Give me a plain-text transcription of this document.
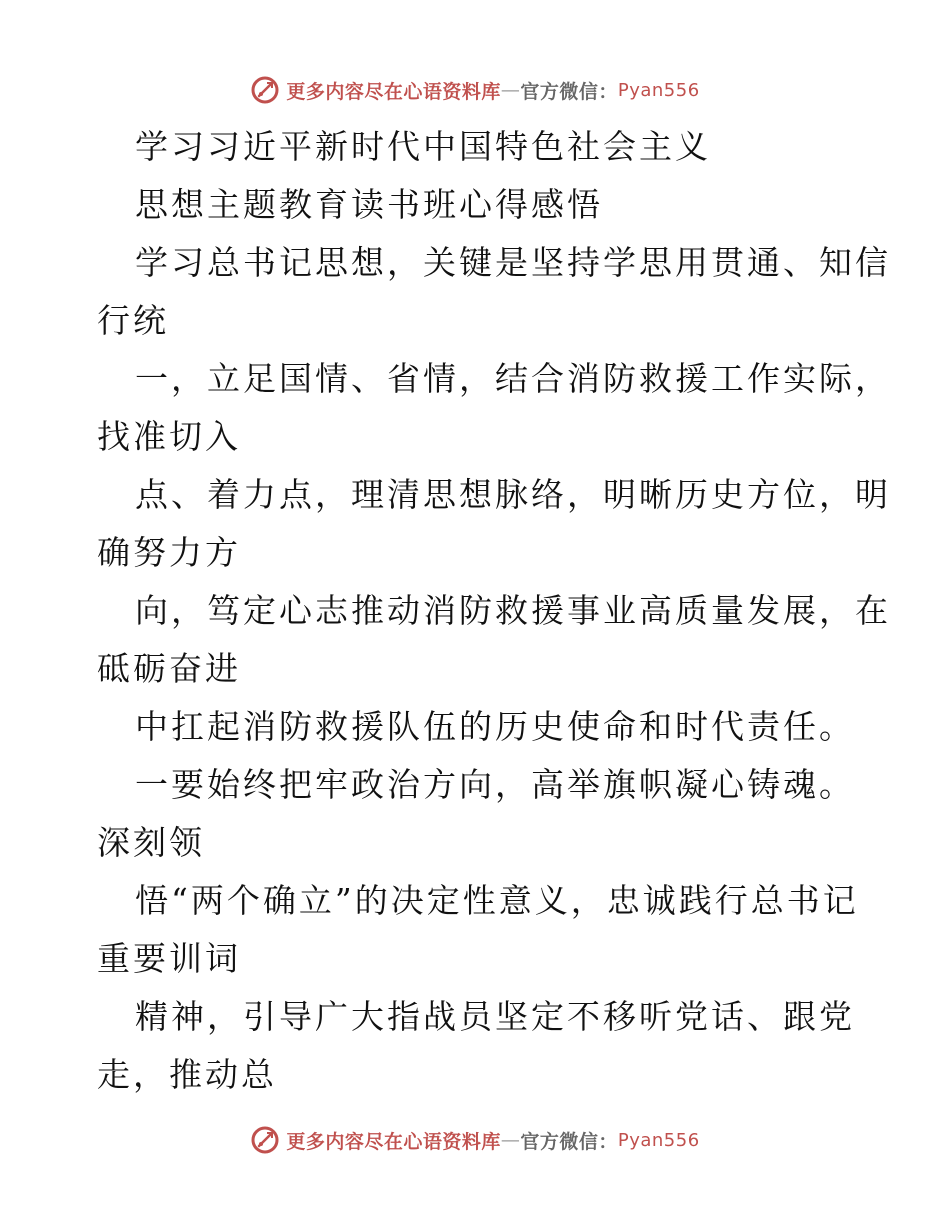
更多内容尽在心语资料库 — 官方微信： Pyan556
学习习近平新时代中国特色社会主义
思想主题教育读书班心得感悟
学习总书记思想，关键是坚持学思用贯通、知信
行统
一，立足国情、省情，结合消防救援工作实际，
找准切入
点、着力点，理清思想脉络，明晰历史方位，明
确努力方
向，笃定心志推动消防救援事业高质量发展，在
砥砺奋进
中扛起消防救援队伍的历史使命和时代责任。
一要始终把牢政治方向，高举旗帜凝心铸魂。
深刻领
悟“两个确立”的决定性意义，忠诚践行总书记
重要训词
精神，引导广大指战员坚定不移听党话、跟党
走，推动总
更多内容尽在心语资料库 — 官方微信： Pyan556
